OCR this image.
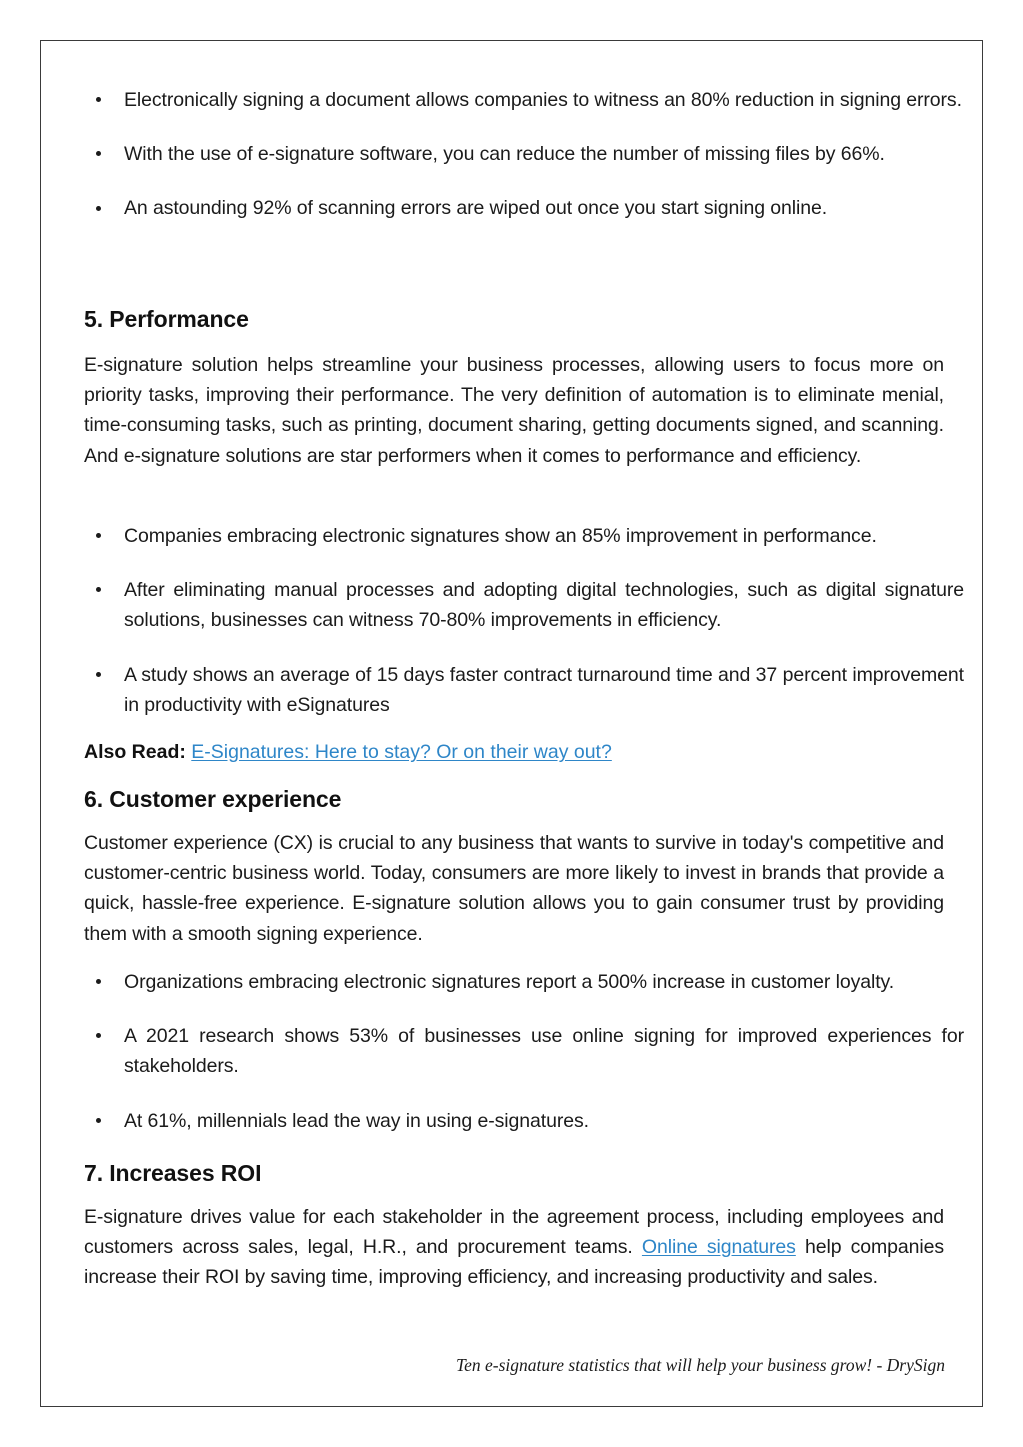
Electronically signing a document allows companies to witness an 80% reduction in signing errors.
With the use of e-signature software, you can reduce the number of missing files by 66%.
An astounding 92% of scanning errors are wiped out once you start signing online.
5. Performance

E-signature solution helps streamline your business processes, allowing users to focus more on priority tasks, improving their performance. The very definition of automation is to eliminate menial, time-consuming tasks, such as printing, document sharing, getting documents signed, and scanning. And e-signature solutions are star performers when it comes to performance and efficiency.

Companies embracing electronic signatures show an 85% improvement in performance.
After eliminating manual processes and adopting digital technologies, such as digital signature solutions, businesses can witness 70-80% improvements in efficiency.
A study shows an average of 15 days faster contract turnaround time and 37 percent improvement in productivity with eSignatures

Also Read: E-Signatures: Here to stay? Or on their way out?

6. Customer experience

Customer experience (CX) is crucial to any business that wants to survive in today's competitive and customer-centric business world. Today, consumers are more likely to invest in brands that provide a quick, hassle-free experience. E-signature solution allows you to gain consumer trust by providing them with a smooth signing experience.

Organizations embracing electronic signatures report a 500% increase in customer loyalty.
A 2021 research shows 53% of businesses use online signing for improved experiences for stakeholders.
At 61%, millennials lead the way in using e-signatures.
7. Increases ROI

E-signature drives value for each stakeholder in the agreement process, including employees and customers across sales, legal, H.R., and procurement teams. Online signatures help companies increase their ROI by saving time, improving efficiency, and increasing productivity and sales.

Ten e-signature statistics that will help your business grow! - DrySign
